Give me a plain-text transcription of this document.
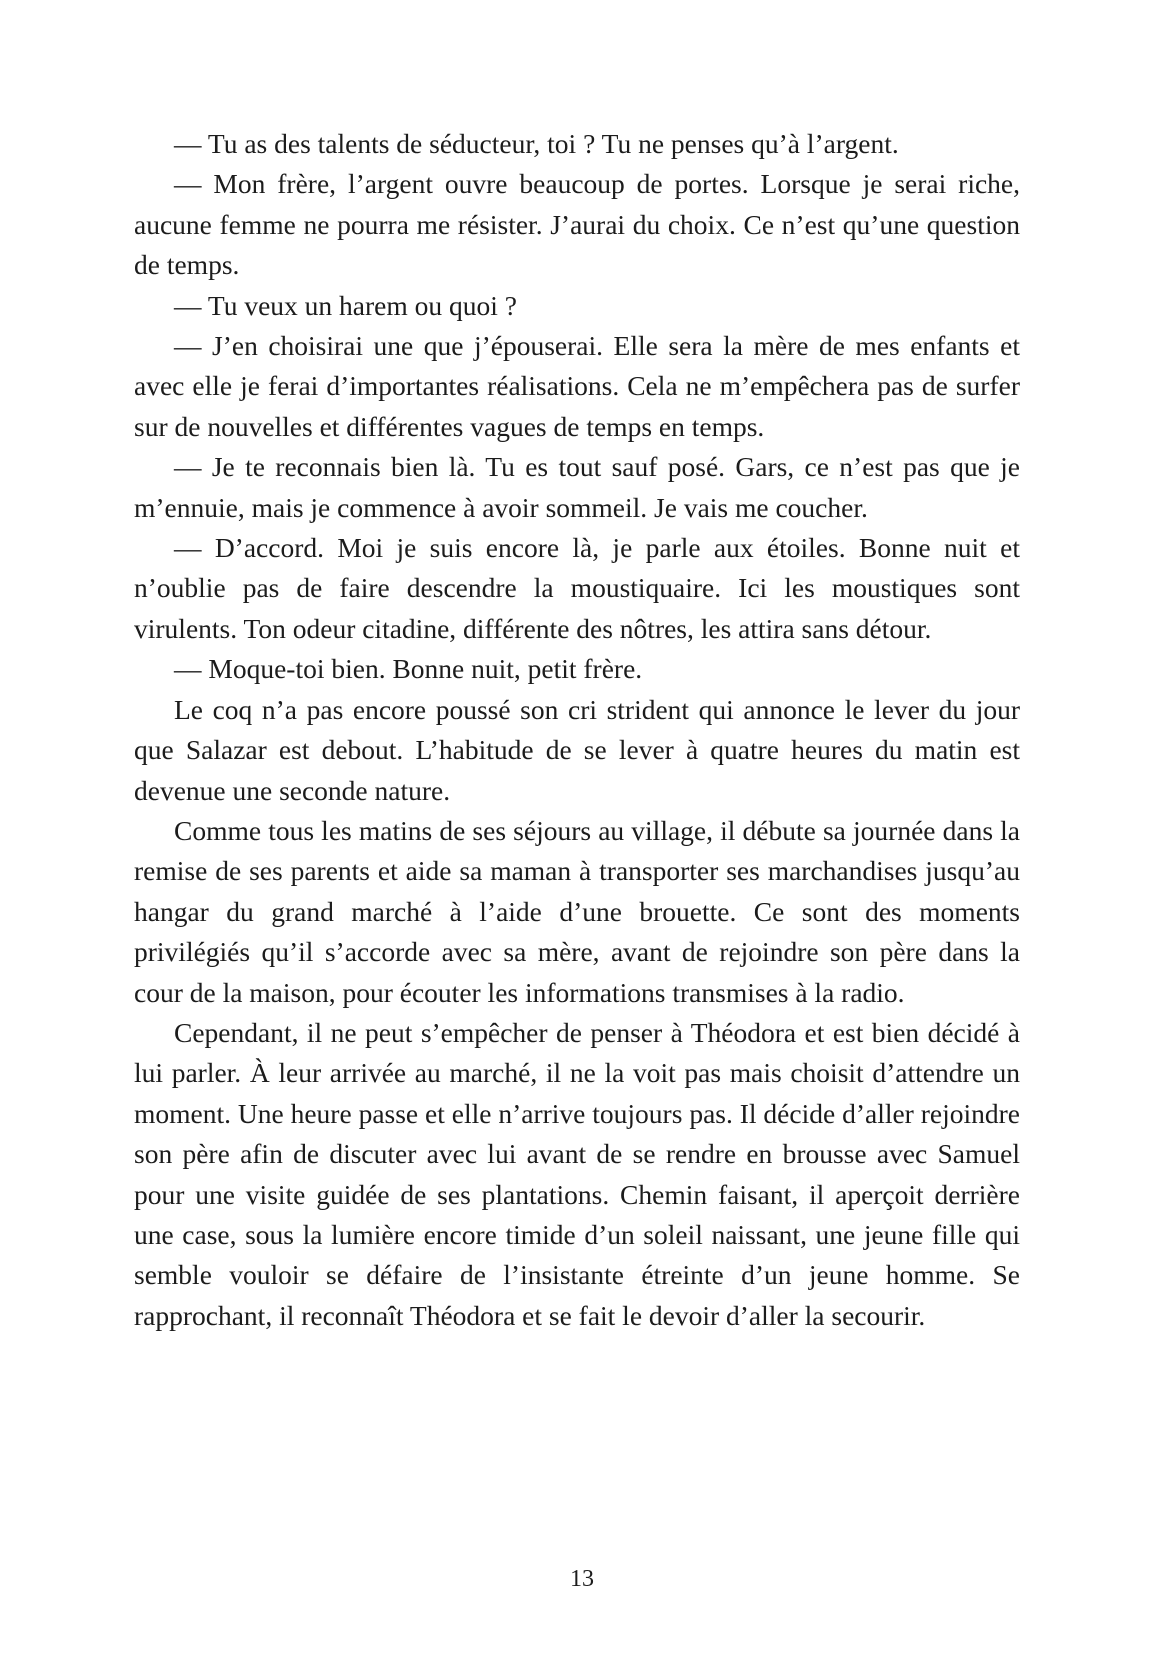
— Tu as des talents de séducteur, toi ? Tu ne penses qu’à l’argent.

— Mon frère, l’argent ouvre beaucoup de portes. Lorsque je serai riche, aucune femme ne pourra me résister. J’aurai du choix. Ce n’est qu’une question de temps.

— Tu veux un harem ou quoi ?

— J’en choisirai une que j’épouserai. Elle sera la mère de mes enfants et avec elle je ferai d’importantes réalisations. Cela ne m’empêchera pas de surfer sur de nouvelles et différentes vagues de temps en temps.

— Je te reconnais bien là. Tu es tout sauf posé. Gars, ce n’est pas que je m’ennuie, mais je commence à avoir sommeil. Je vais me coucher.

— D’accord. Moi je suis encore là, je parle aux étoiles. Bonne nuit et n’oublie pas de faire descendre la moustiquaire. Ici les moustiques sont virulents. Ton odeur citadine, différente des nôtres, les attira sans détour.

— Moque-toi bien. Bonne nuit, petit frère.

Le coq n’a pas encore poussé son cri strident qui annonce le lever du jour que Salazar est debout. L’habitude de se lever à quatre heures du matin est devenue une seconde nature.

Comme tous les matins de ses séjours au village, il débute sa journée dans la remise de ses parents et aide sa maman à transporter ses marchandises jusqu’au hangar du grand marché à l’aide d’une brouette. Ce sont des moments privilégiés qu’il s’accorde avec sa mère, avant de rejoindre son père dans la cour de la maison, pour écouter les informations transmises à la radio.

Cependant, il ne peut s’empêcher de penser à Théodora et est bien décidé à lui parler. À leur arrivée au marché, il ne la voit pas mais choisit d’attendre un moment. Une heure passe et elle n’arrive toujours pas. Il décide d’aller rejoindre son père afin de discuter avec lui avant de se rendre en brousse avec Samuel pour une visite guidée de ses plantations. Chemin faisant, il aperçoit derrière une case, sous la lumière encore timide d’un soleil naissant, une jeune fille qui semble vouloir se défaire de l’insistante étreinte d’un jeune homme. Se rapprochant, il reconnaît Théodora et se fait le devoir d’aller la secourir.

13
